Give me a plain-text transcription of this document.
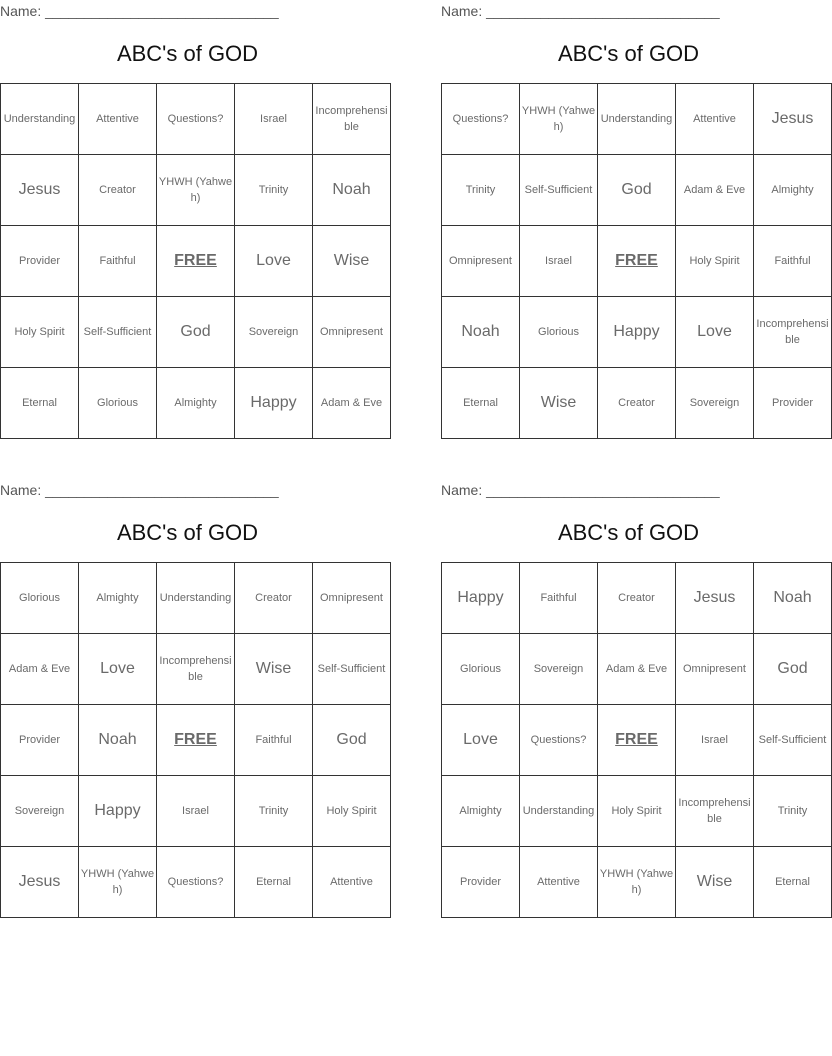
Name: ______________________________
ABC's of GOD
Understanding	Attentive	Questions?	Israel	Incomprehensible
Jesus	Creator	YHWH (Yahweh)	Trinity	Noah
Provider	Faithful	FREE	Love	Wise
Holy Spirit	Self-Sufficient	God	Sovereign	Omnipresent
Eternal	Glorious	Almighty	Happy	Adam & Eve
Name: ______________________________
ABC's of GOD
Questions?	YHWH (Yahweh)	Understanding	Attentive	Jesus
Trinity	Self-Sufficient	God	Adam & Eve	Almighty
Omnipresent	Israel	FREE	Holy Spirit	Faithful
Noah	Glorious	Happy	Love	Incomprehensible
Eternal	Wise	Creator	Sovereign	Provider
Name: ______________________________
ABC's of GOD
Glorious	Almighty	Understanding	Creator	Omnipresent
Adam & Eve	Love	Incomprehensible	Wise	Self-Sufficient
Provider	Noah	FREE	Faithful	God
Sovereign	Happy	Israel	Trinity	Holy Spirit
Jesus	YHWH (Yahweh)	Questions?	Eternal	Attentive
Name: ______________________________
ABC's of GOD
Happy	Faithful	Creator	Jesus	Noah
Glorious	Sovereign	Adam & Eve	Omnipresent	God
Love	Questions?	FREE	Israel	Self-Sufficient
Almighty	Understanding	Holy Spirit	Incomprehensible	Trinity
Provider	Attentive	YHWH (Yahweh)	Wise	Eternal
